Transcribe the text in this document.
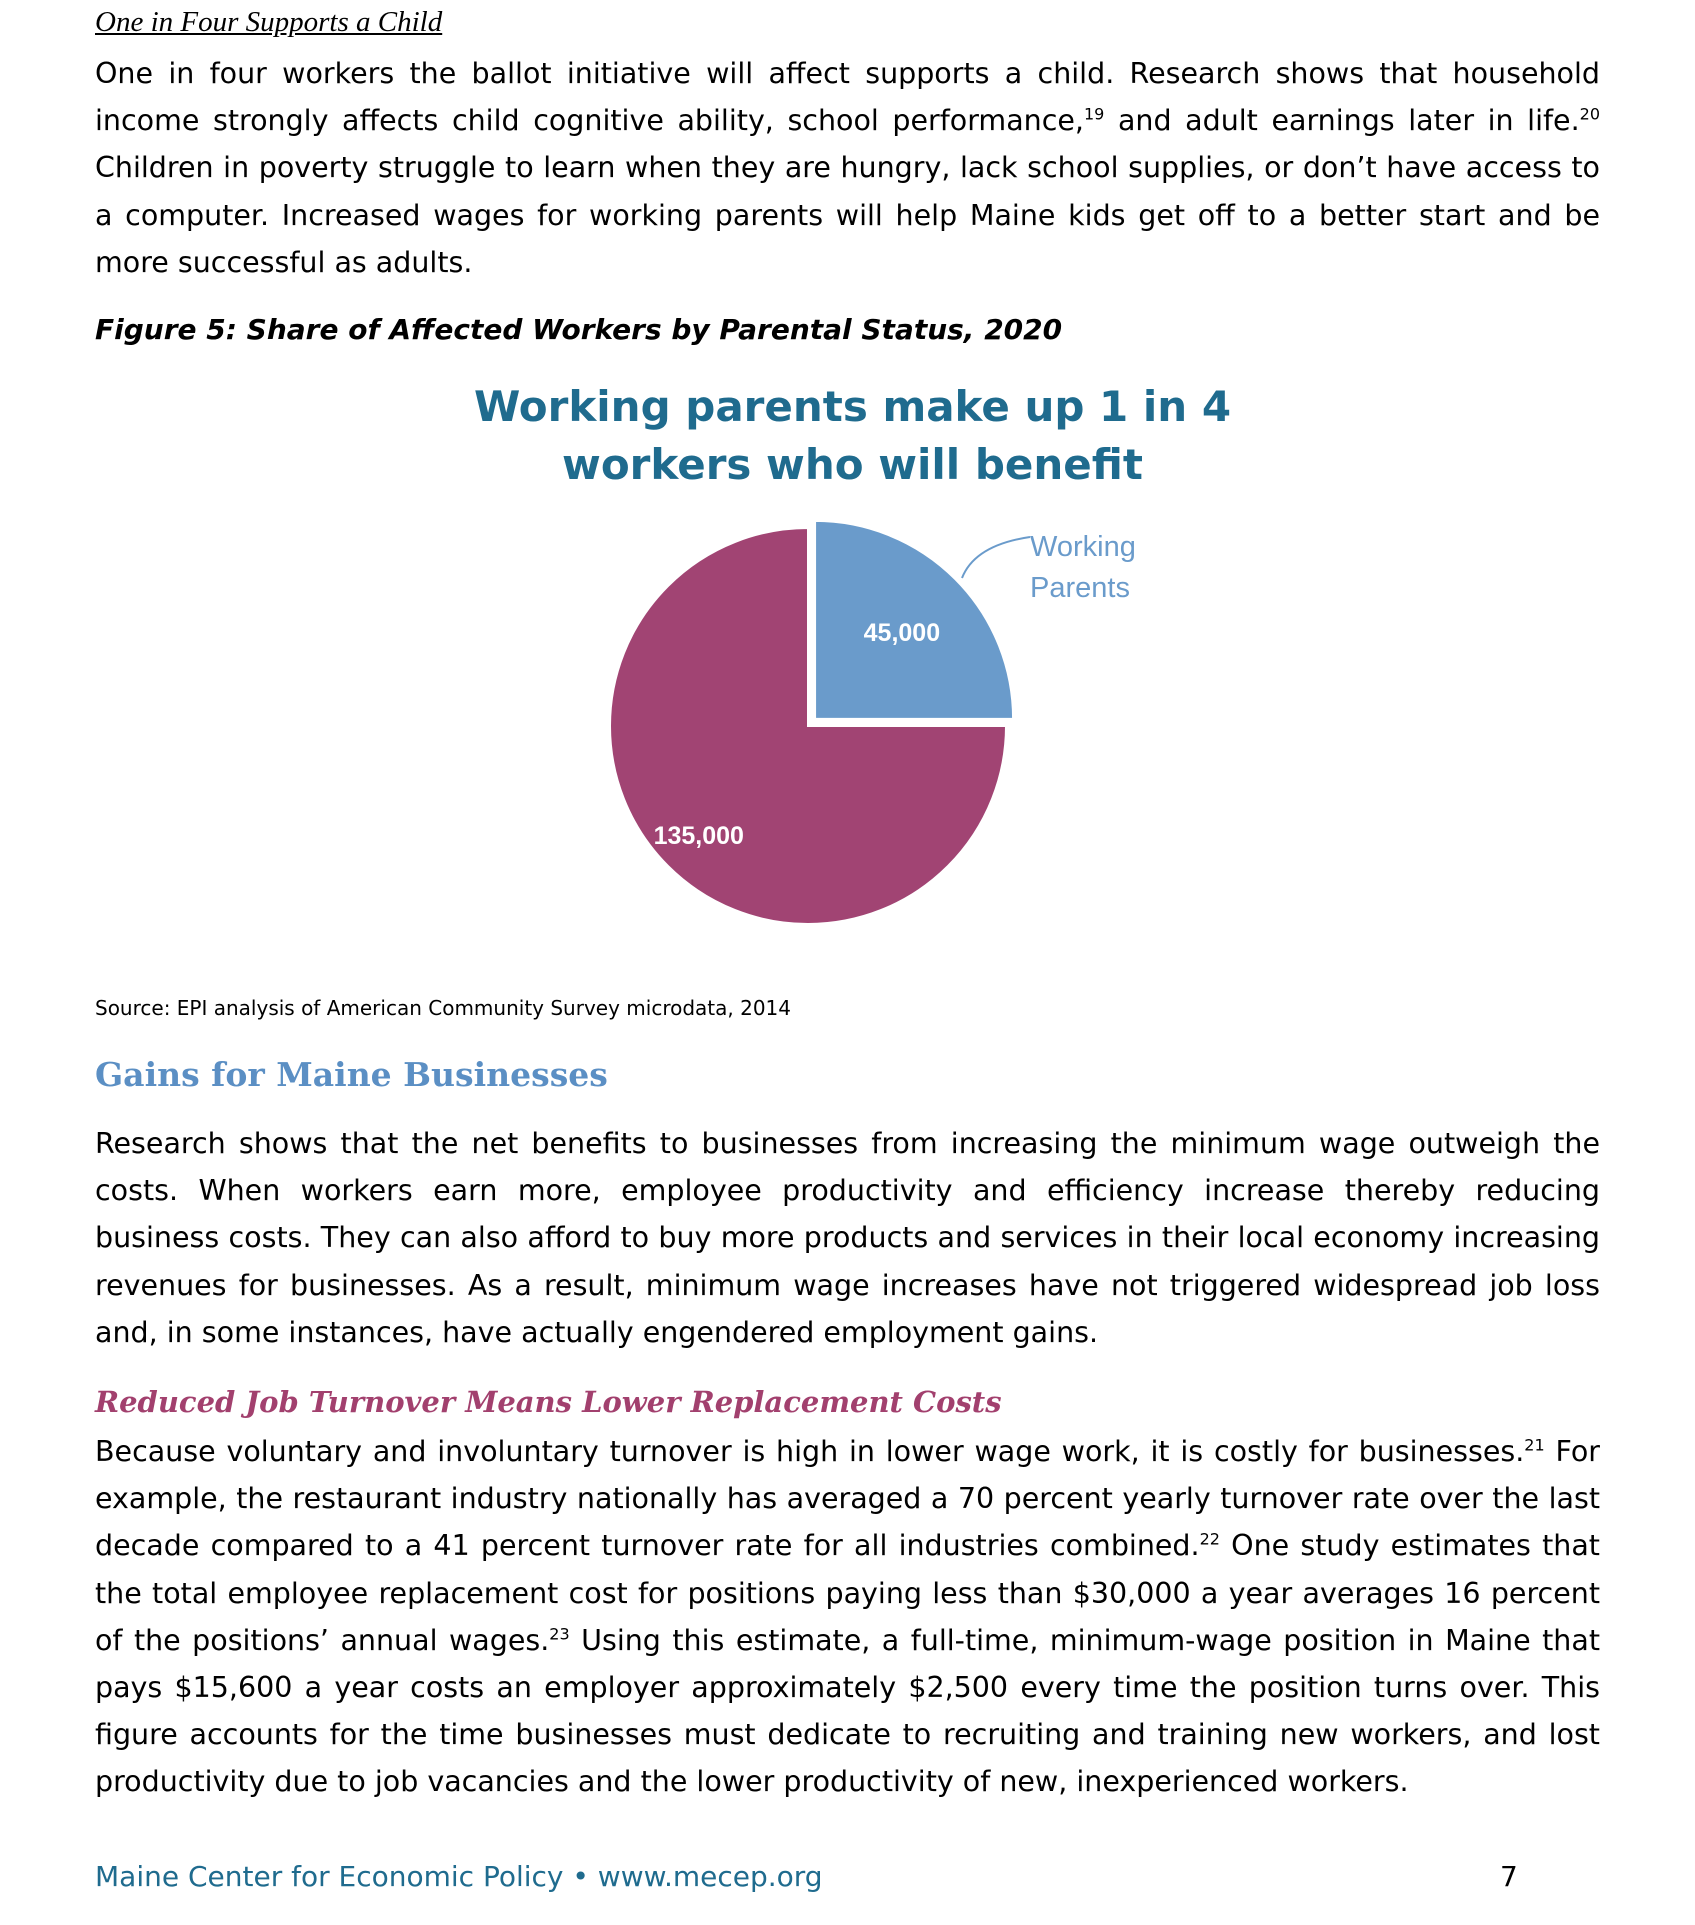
One in Four Supports a Child
One in four workers the ballot initiative will affect supports a child. Research shows that household income strongly affects child cognitive ability, school performance,$^{19}$ and adult earnings later in life.$^{20}$ Children in poverty struggle to learn when they are hungry, lack school supplies, or don’t have access to a computer. Increased wages for working parents will help Maine kids get off to a better start and be more successful as adults.
Figure 5: Share of Affected Workers by Parental Status, 2020
Working parents make up 1 in 4 workers who will benefit
45,000
135,000
Working
Parents
Source: EPI analysis of American Community Survey microdata, 2014
Gains for Maine Businesses
Research shows that the net benefits to businesses from increasing the minimum wage outweigh the costs. When workers earn more, employee productivity and efficiency increase thereby reducing business costs. They can also afford to buy more products and services in their local economy increasing revenues for businesses. As a result, minimum wage increases have not triggered widespread job loss and, in some instances, have actually engendered employment gains.
Reduced Job Turnover Means Lower Replacement Costs
Because voluntary and involuntary turnover is high in lower wage work, it is costly for businesses.$^{21}$ For example, the restaurant industry nationally has averaged a 70 percent yearly turnover rate over the last decade compared to a 41 percent turnover rate for all industries combined.$^{22}$ One study estimates that the total employee replacement cost for positions paying less than $30,000 a year averages 16 percent of the positions’ annual wages.$^{23}$ Using this estimate, a full-time, minimum-wage position in Maine that pays $15,600 a year costs an employer approximately $2,500 every time the position turns over. This figure accounts for the time businesses must dedicate to recruiting and training new workers, and lost productivity due to job vacancies and the lower productivity of new, inexperienced workers.
Maine Center for Economic Policy • www.mecep.org	7
